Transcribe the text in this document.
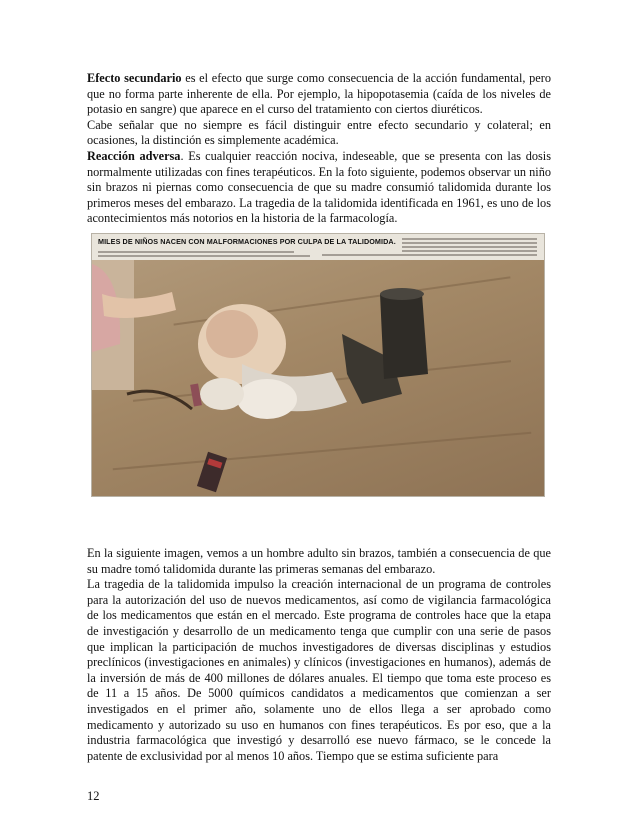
Efecto secundario es el efecto que surge como consecuencia de la acción fundamental, pero que no forma parte inherente de ella. Por ejemplo, la hipopotasemia (caída de los niveles de potasio en sangre) que aparece en el curso del tratamiento con ciertos diuréticos.

Cabe señalar que no siempre es fácil distinguir entre efecto secundario y colateral; en ocasiones, la distinción es simplemente académica.

Reacción adversa. Es cualquier reacción nociva, indeseable, que se presenta con las dosis normalmente utilizadas con fines terapéuticos. En la foto siguiente, podemos observar un niño sin brazos ni piernas como consecuencia de que su madre consumió talidomida durante los primeros meses del embarazo. La tragedia de la talidomida identificada en 1961, es uno de los acontecimientos más notorios en la historia de la farmacología.

MILES DE NIÑOS NACEN CON MALFORMACIONES POR CULPA DE LA TALIDOMIDA.

En la siguiente imagen, vemos a un hombre adulto sin brazos, también a consecuencia de que su madre tomó talidomida durante las primeras semanas del embarazo.

La tragedia de la talidomida impulso la creación internacional de un programa de controles para la autorización del uso de nuevos medicamentos, así como de vigilancia farmacológica de los medicamentos que están en el mercado. Este programa de controles hace que la etapa de investigación y desarrollo de un medicamento tenga que cumplir con una serie de pasos que implican la participación de muchos investigadores de diversas disciplinas y estudios preclínicos (investigaciones en animales) y clínicos (investigaciones en humanos), además de la inversión de más de 400 millones de dólares anuales. El tiempo que toma este proceso es de 11 a 15 años. De 5000 químicos candidatos a medicamentos que comienzan a ser investigados en el primer año, solamente uno de ellos llega a ser aprobado como medicamento y autorizado su uso en humanos con fines terapéuticos. Es por eso, que a la industria farmacológica que investigó y desarrolló ese nuevo fármaco, se le concede la patente de exclusividad por al menos 10 años. Tiempo que se estima suficiente para

12
